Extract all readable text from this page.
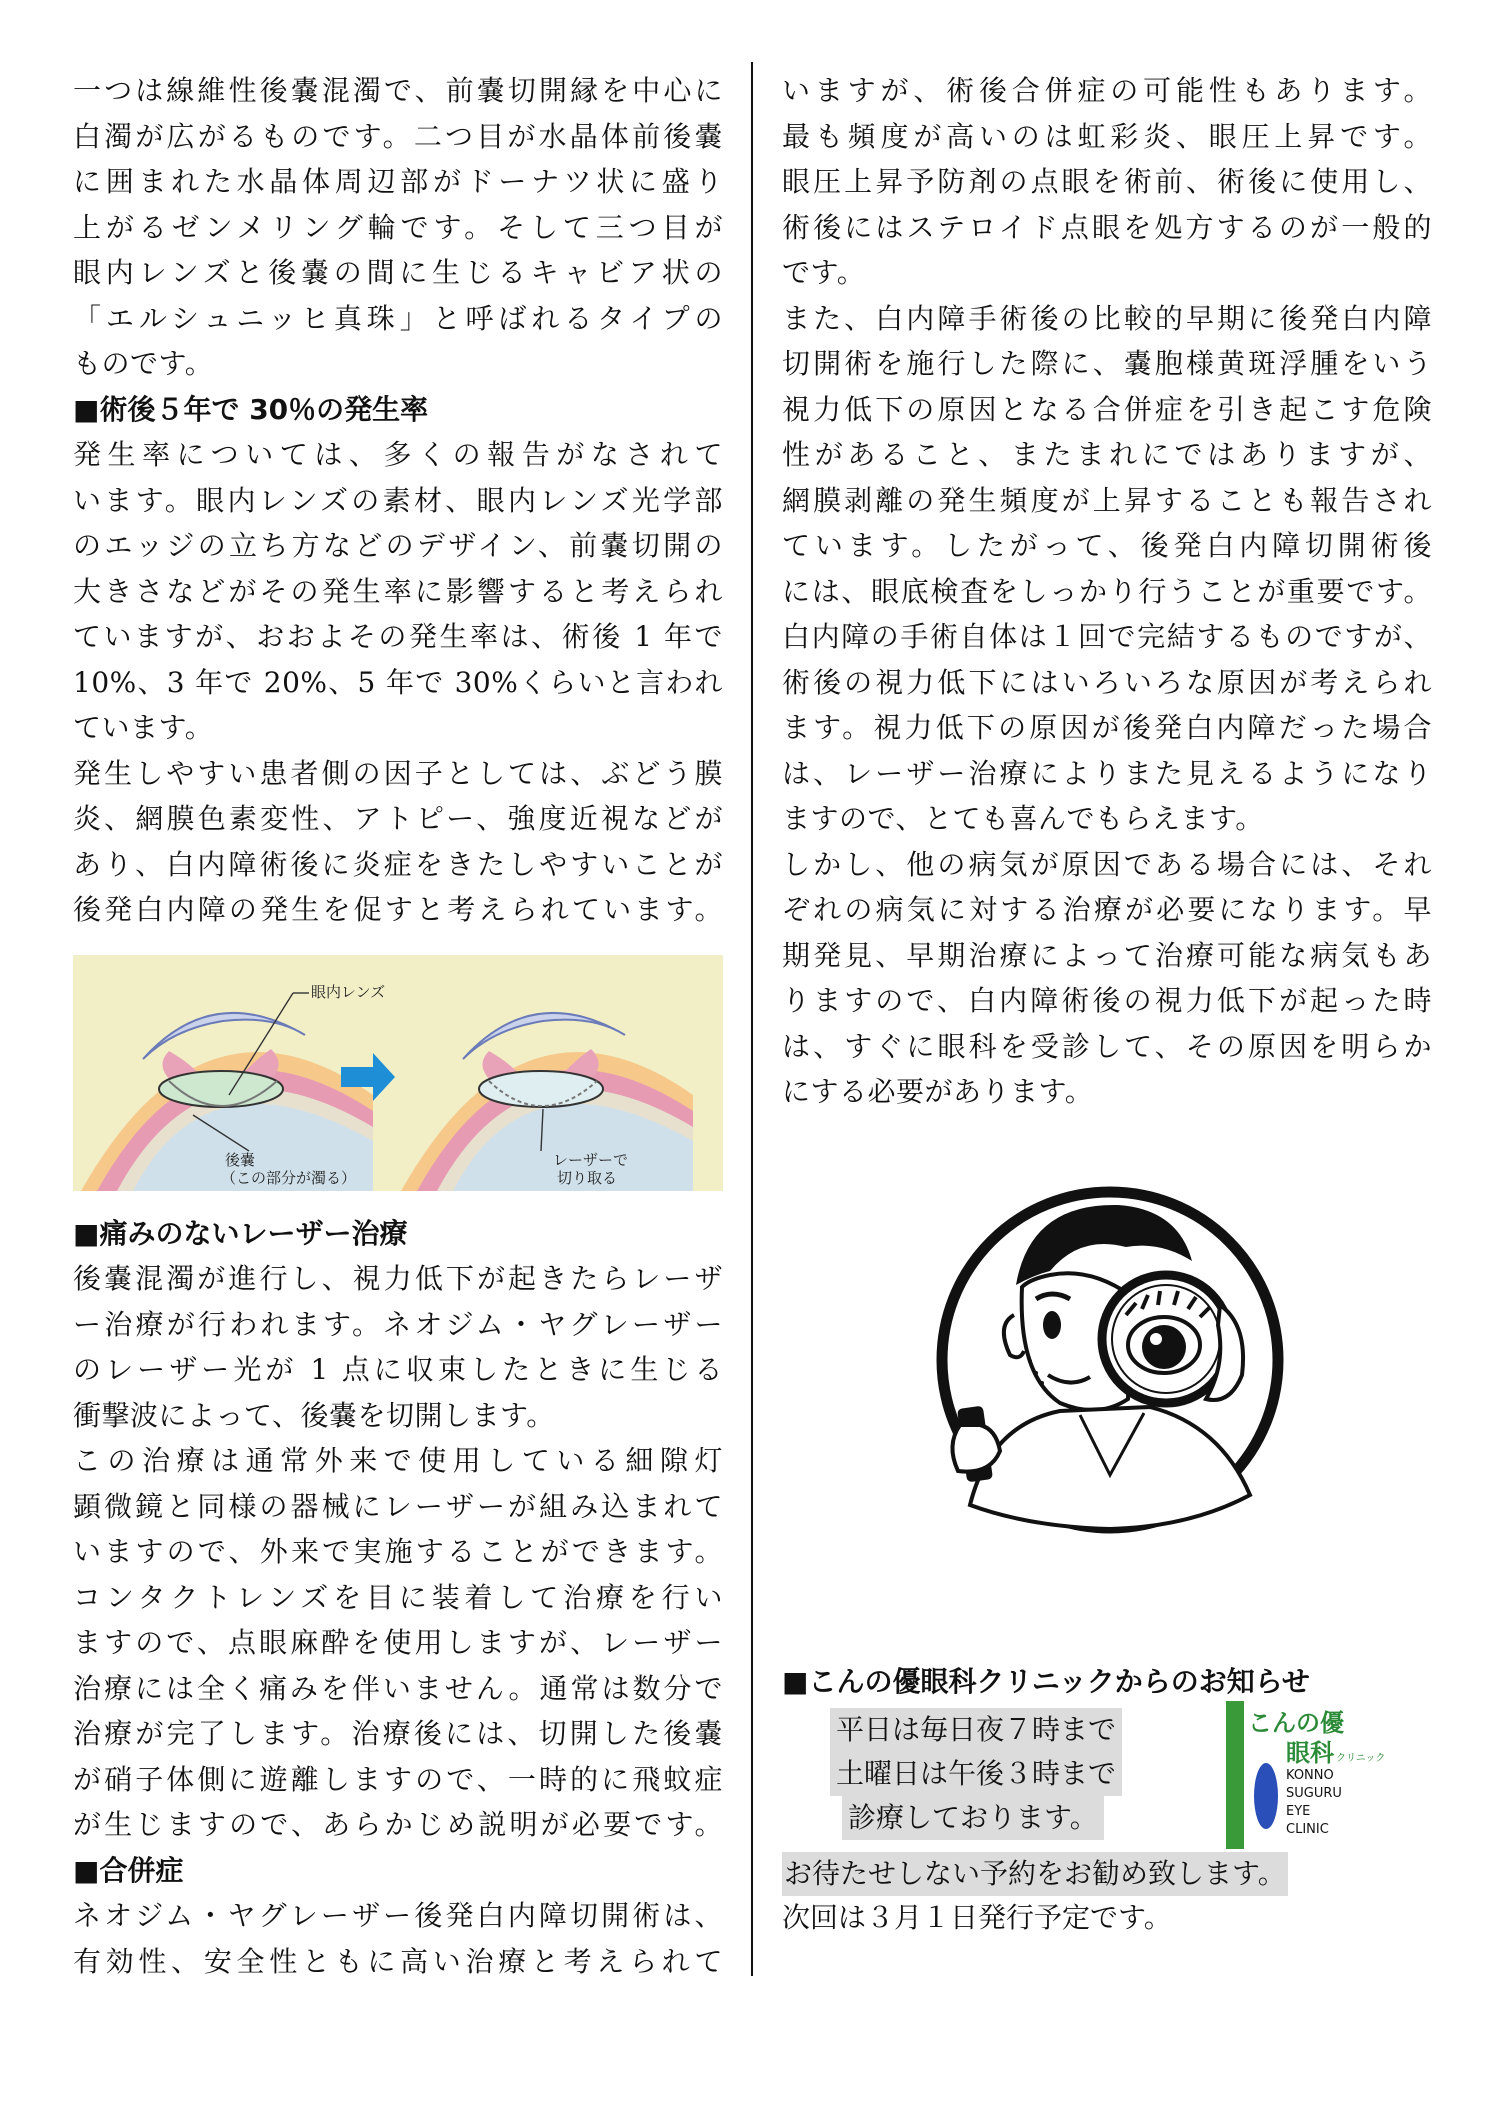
一つは線維性後嚢混濁で、前嚢切開縁を中心に
白濁が広がるものです。二つ目が水晶体前後嚢
に囲まれた水晶体周辺部がドーナツ状に盛り
上がるゼンメリング輪です。そして三つ目が
眼内レンズと後嚢の間に生じるキャビア状の
「エルシュニッヒ真珠」と呼ばれるタイプの
ものです。
■術後５年で 30％の発生率
発生率については、多くの報告がなされて
います。眼内レンズの素材、眼内レンズ光学部
のエッジの立ち方などのデザイン、前嚢切開の
大きさなどがその発生率に影響すると考えられ
ていますが、おおよその発生率は、術後 1 年で
10%、3 年で 20%、5 年で 30%くらいと言われ
ています。
発生しやすい患者側の因子としては、ぶどう膜
炎、網膜色素変性、アトピー、強度近視などが
あり、白内障術後に炎症をきたしやすいことが
後発白内障の発生を促すと考えられています。
眼内レンズ
後嚢
（この部分が濁る）
レーザーで
切り取る
■痛みのないレーザー治療
後嚢混濁が進行し、視力低下が起きたらレーザ
ー治療が行われます。ネオジム・ヤグレーザー
のレーザー光が 1 点に収束したときに生じる
衝撃波によって、後嚢を切開します。
この治療は通常外来で使用している細隙灯
顕微鏡と同様の器械にレーザーが組み込まれて
いますので、外来で実施することができます。
コンタクトレンズを目に装着して治療を行い
ますので、点眼麻酔を使用しますが、レーザー
治療には全く痛みを伴いません。通常は数分で
治療が完了します。治療後には、切開した後嚢
が硝子体側に遊離しますので、一時的に飛蚊症
が生じますので、あらかじめ説明が必要です。
■合併症
ネオジム・ヤグレーザー後発白内障切開術は、
有効性、安全性ともに高い治療と考えられて
いますが、術後合併症の可能性もあります。
最も頻度が高いのは虹彩炎、眼圧上昇です。
眼圧上昇予防剤の点眼を術前、術後に使用し、
術後にはステロイド点眼を処方するのが一般的
です。
また、白内障手術後の比較的早期に後発白内障
切開術を施行した際に、嚢胞様黄斑浮腫をいう
視力低下の原因となる合併症を引き起こす危険
性があること、またまれにではありますが、
網膜剥離の発生頻度が上昇することも報告され
ています。したがって、後発白内障切開術後
には、眼底検査をしっかり行うことが重要です。
白内障の手術自体は１回で完結するものですが、
術後の視力低下にはいろいろな原因が考えられ
ます。視力低下の原因が後発白内障だった場合
は、レーザー治療によりまた見えるようになり
ますので、とても喜んでもらえます。
しかし、他の病気が原因である場合には、それ
ぞれの病気に対する治療が必要になります。早
期発見、早期治療によって治療可能な病気もあ
りますので、白内障術後の視力低下が起った時
は、すぐに眼科を受診して、その原因を明らか
にする必要があります。
■こんの優眼科クリニックからのお知らせ
平日は毎日夜７時まで
土曜日は午後３時まで
診療しております。
こんの優
眼科 クリニック
KONNO
SUGURU
EYE
CLINIC
お待たせしない予約をお勧め致します。
次回は３月１日発行予定です。
